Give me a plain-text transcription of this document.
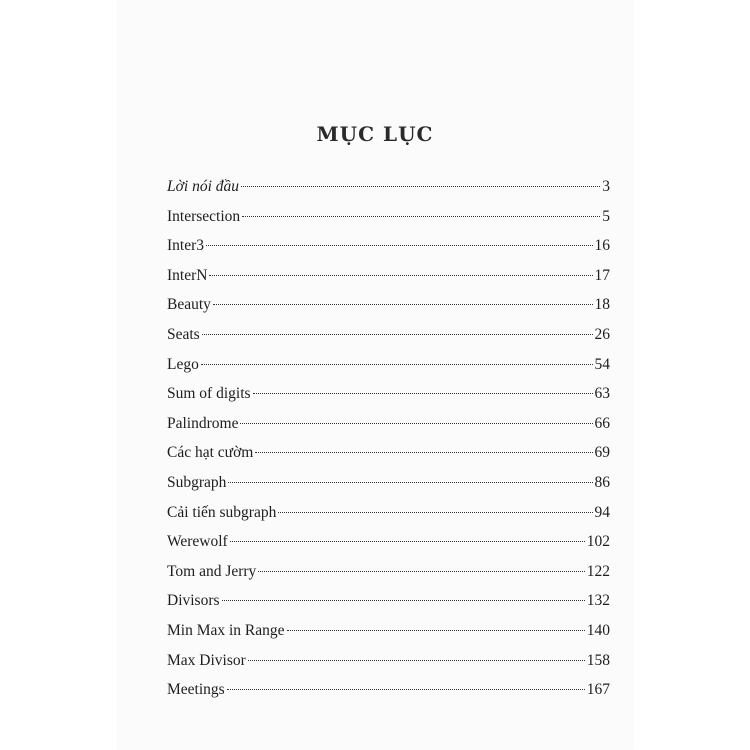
MỤC LỤC
Lời nói đầu	3
Intersection	5
Inter3	16
InterN	17
Beauty	18
Seats	26
Lego	54
Sum of digits	63
Palindrome	66
Các hạt cườm	69
Subgraph	86
Cải tiến subgraph	94
Werewolf	102
Tom and Jerry	122
Divisors	132
Min Max in Range	140
Max Divisor	158
Meetings	167
